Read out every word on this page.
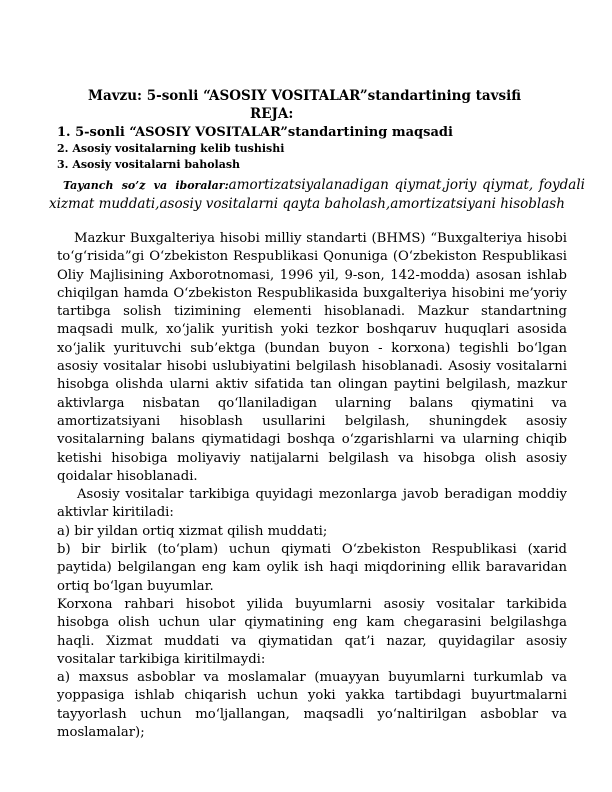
Mavzu: 5-sonli “ASOSIY VOSITALAR”standartining tavsifi
REJA:
1. 5-sonli “ASOSIY VOSITALAR”standartining maqsadi
2. Asosiy vositalarning kelib tushishi
3. Asosiy vositalarni baholash
Tayanch so’z va iboralar:amortizatsiyalanadigan qiymat,joriy qiymat, foydali xizmat muddati,asosiy vositalarni qayta baholash,amortizatsiyani hisoblash

Mazkur Buxgalteriya hisobi milliy standarti (BHMS) “Buxgalteriya hisobi to‘g‘risida”gi O‘zbekiston Respublikasi Qonuniga (O‘zbekiston Respublikasi Oliy Majlisining Axborotnomasi, 1996 yil, 9-son, 142-modda) asosan ishlab chiqilgan hamda O‘zbekiston Respublikasida buxgalteriya hisobini me’yoriy tartibga solish tizimining elementi hisoblanadi. Mazkur standartning maqsadi mulk, xo‘jalik yuritish yoki tezkor boshqaruv huquqlari asosida xo‘jalik yurituvchi sub’ektga (bundan buyon - korxona) tegishli bo‘lgan asosiy vositalar hisobi uslubiyatini belgilash hisoblanadi. Asosiy vositalarni hisobga olishda ularni aktiv sifatida tan olingan paytini belgilash, mazkur aktivlarga nisbatan qo‘llaniladigan ularning balans qiymatini va amortizatsiyani hisoblash usullarini belgilash, shuningdek asosiy vositalarning balans qiymatidagi boshqa o‘zgarishlarni va ularning chiqib ketishi hisobiga moliyaviy natijalarni belgilash va hisobga olish asosiy qoidalar hisoblanadi.

Asosiy vositalar tarkibiga quyidagi mezonlarga javob beradigan moddiy aktivlar kiritiladi:

a) bir yildan ortiq xizmat qilish muddati;

b) bir birlik (to‘plam) uchun qiymati O‘zbekiston Respublikasi (xarid paytida) belgilangan eng kam oylik ish haqi miqdorining ellik baravaridan ortiq bo‘lgan buyumlar.

Korxona rahbari hisobot yilida buyumlarni asosiy vositalar tarkibida hisobga olish uchun ular qiymatining eng kam chegarasini belgilashga haqli. Xizmat muddati va qiymatidan qat’i nazar, quyidagilar asosiy vositalar tarkibiga kiritilmaydi:

a) maxsus asboblar va moslamalar (muayyan buyumlarni turkumlab va yoppasiga ishlab chiqarish uchun yoki yakka tartibdagi buyurtmalarni tayyorlash uchun mo‘ljallangan, maqsadli yo‘naltirilgan asboblar va moslamalar);
